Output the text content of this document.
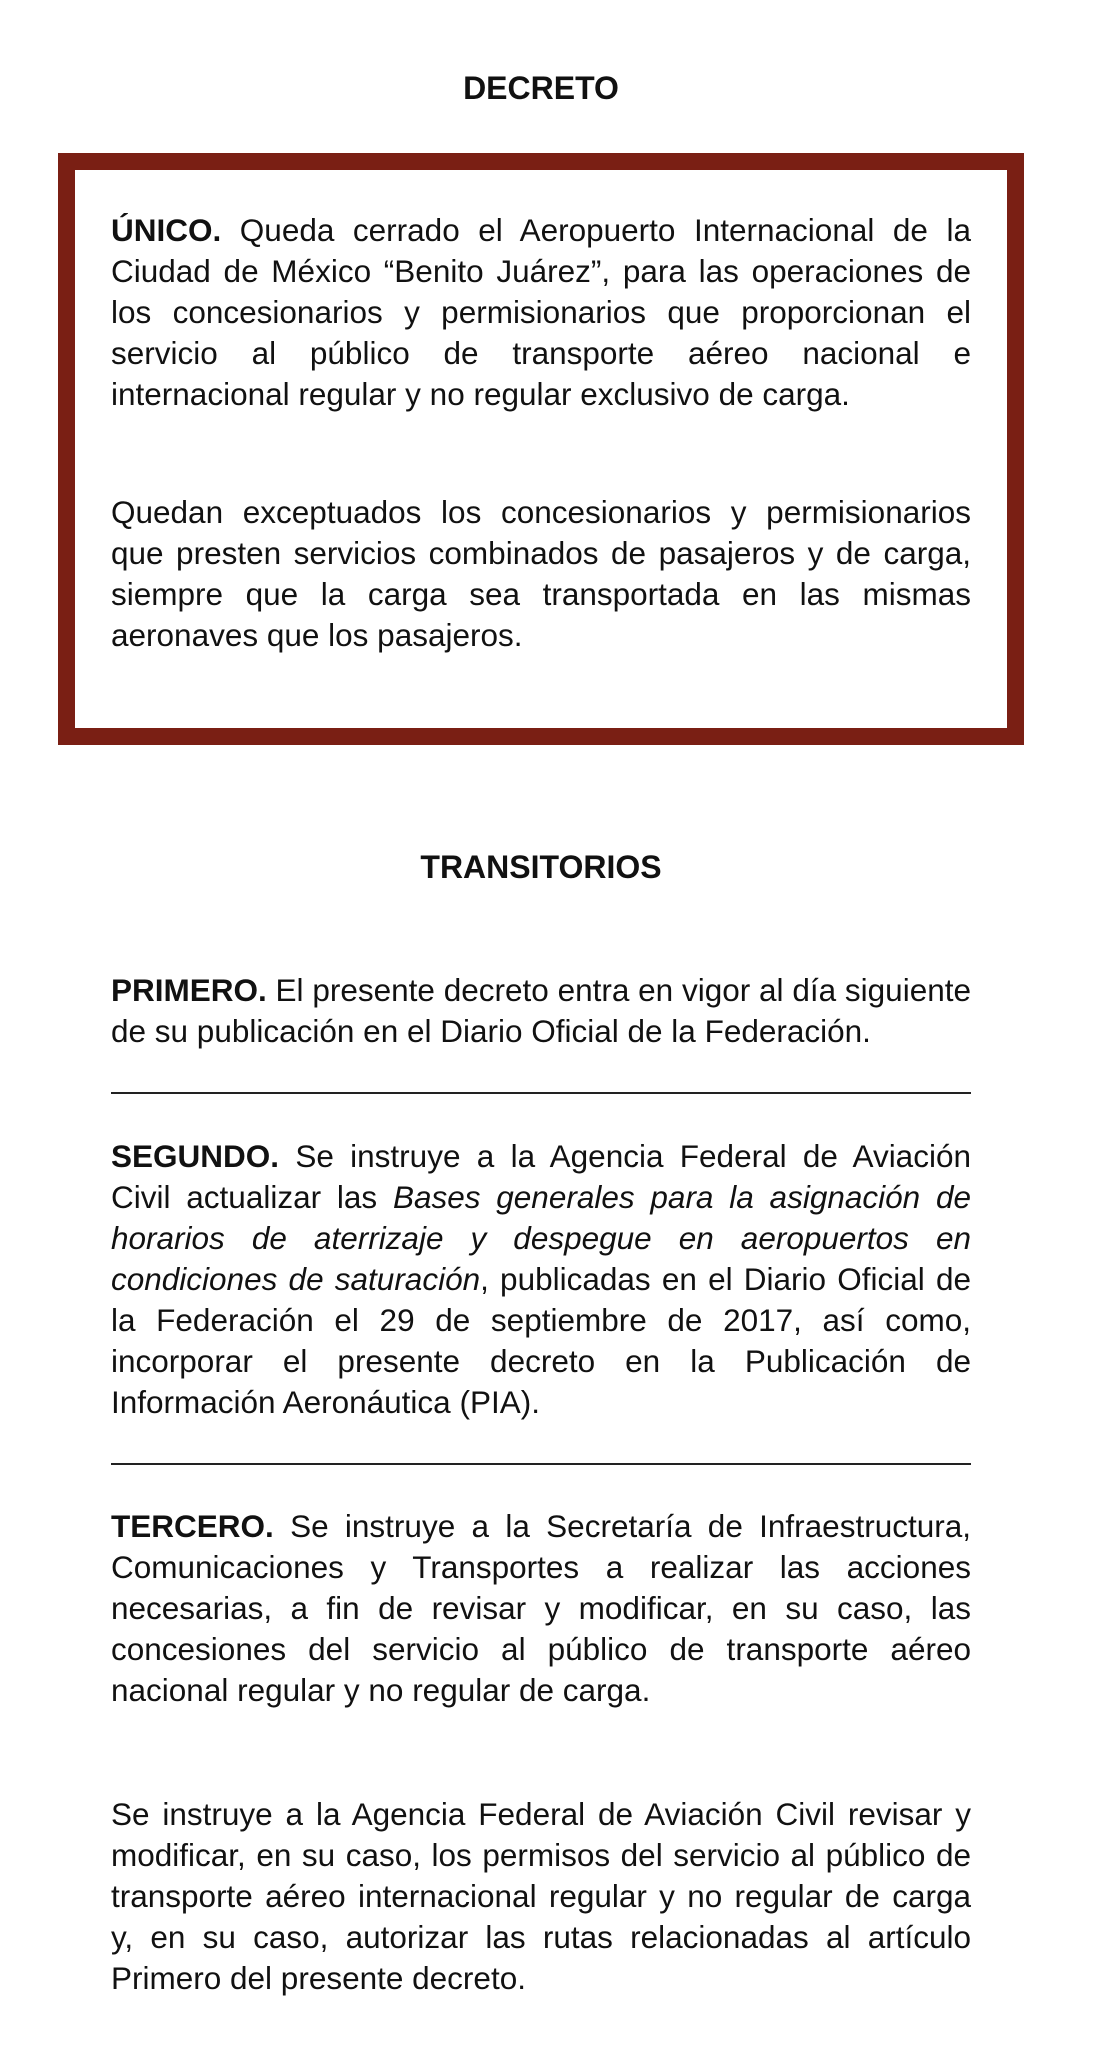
DECRETO

ÚNICO. Queda cerrado el Aeropuerto Internacional de la Ciudad de México “Benito Juárez”, para las operaciones de los concesionarios y permisionarios que proporcionan el servicio al público de transporte aéreo nacional e internacional regular y no regular exclusivo de carga.

Quedan exceptuados los concesionarios y permisionarios que presten servicios combinados de pasajeros y de carga, siempre que la carga sea transportada en las mismas aeronaves que los pasajeros.

TRANSITORIOS

PRIMERO. El presente decreto entra en vigor al día siguiente de su publicación en el Diario Oficial de la Federación.

SEGUNDO. Se instruye a la Agencia Federal de Aviación Civil actualizar las Bases generales para la asignación de horarios de aterrizaje y despegue en aeropuertos en condiciones de saturación, publicadas en el Diario Oficial de la Federación el 29 de septiembre de 2017, así como, incorporar el presente decreto en la Publicación de Información Aeronáutica (PIA).

TERCERO. Se instruye a la Secretaría de Infraestructura, Comunicaciones y Transportes a realizar las acciones necesarias, a fin de revisar y modificar, en su caso, las concesiones del servicio al público de transporte aéreo nacional regular y no regular de carga.

Se instruye a la Agencia Federal de Aviación Civil revisar y modificar, en su caso, los permisos del servicio al público de transporte aéreo internacional regular y no regular de carga y, en su caso, autorizar las rutas relacionadas al artículo Primero del presente decreto.
